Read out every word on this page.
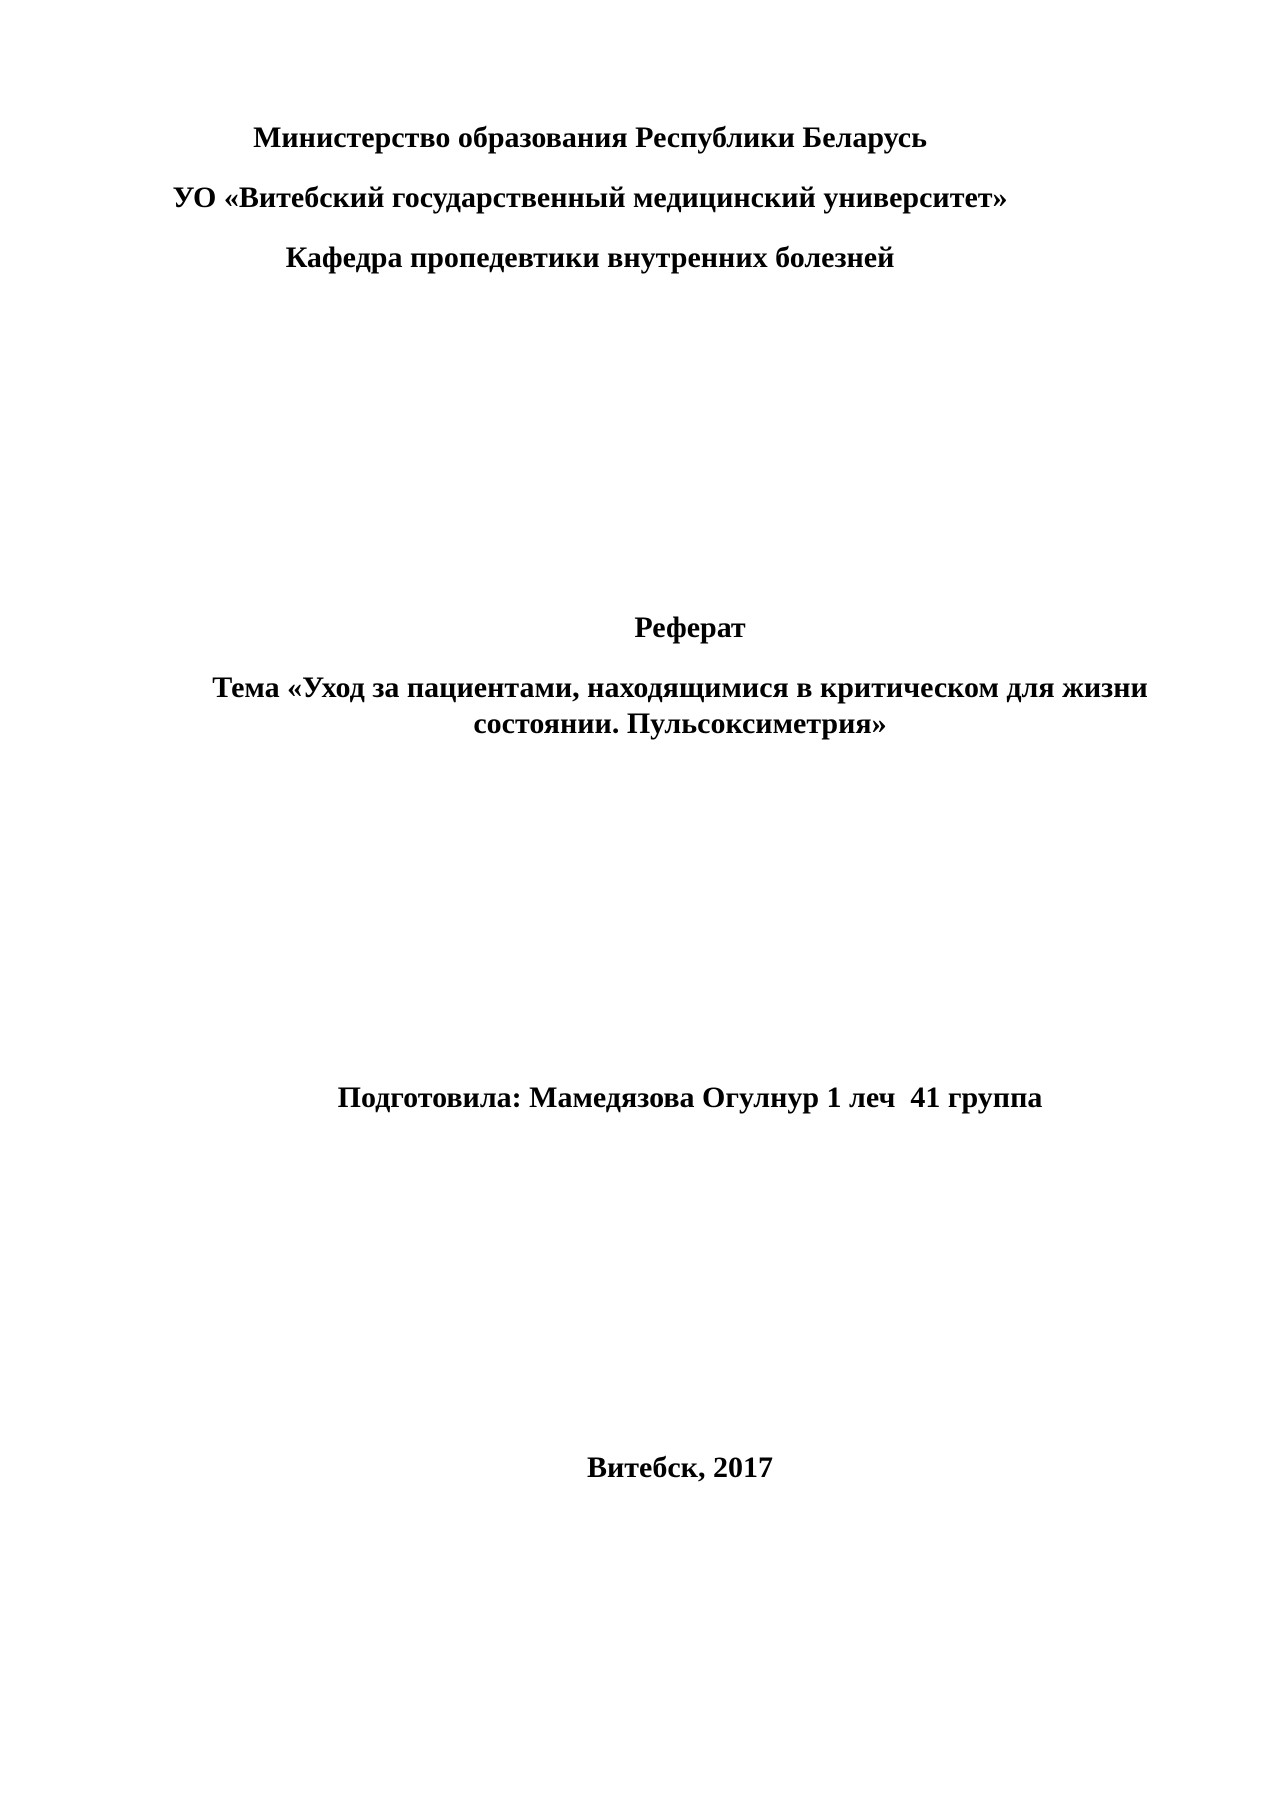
Министерство образования Республики Беларусь
УО «Витебский государственный медицинский университет»
Кафедра пропедевтики внутренних болезней
Реферат
Тема «Уход за пациентами, находящимися в критическом для жизни состоянии. Пульсоксиметрия»
Подготовила: Мамедязова Огулнур 1 леч  41 группа
Витебск, 2017
